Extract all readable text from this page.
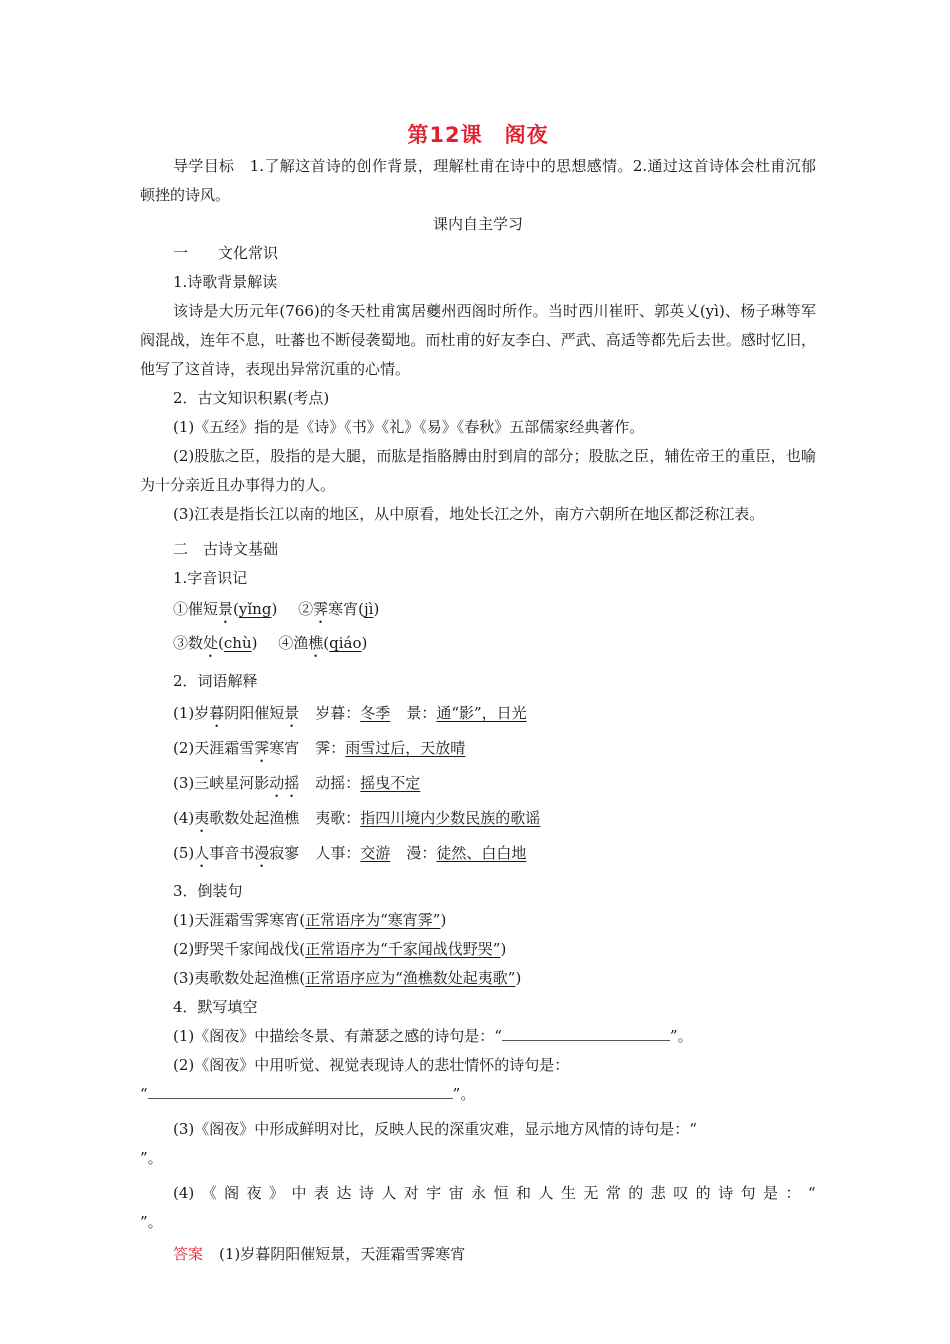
第12课　阁夜
导学目标　1.了解这首诗的创作背景，理解杜甫在诗中的思想感情。2.通过这首诗体会杜甫沉郁顿挫的诗风。
课内自主学习
一　　文化常识
1.诗歌背景解读
该诗是大历元年(766)的冬天杜甫寓居夔州西阁时所作。当时西川崔旰、郭英乂(yì)、杨子琳等军阀混战，连年不息，吐蕃也不断侵袭蜀地。而杜甫的好友李白、严武、高适等都先后去世。感时忆旧，他写了这首诗，表现出异常沉重的心情。
2．古文知识积累(考点)
(1)《五经》指的是《诗》《书》《礼》《易》《春秋》五部儒家经典著作。
(2)股肱之臣，股指的是大腿，而肱是指胳膊由肘到肩的部分；股肱之臣，辅佐帝王的重臣，也喻为十分亲近且办事得力的人。
(3)江表是指长江以南的地区，从中原看，地处长江之外，南方六朝所在地区都泛称江表。
二　古诗文基础
1.字音识记
①催短景(yǐng) ②霁寒宵(jì)
③数处(chù) ④渔樵(qiáo)
2．词语解释
(1)岁暮阴阳催短景 岁暮：冬季 景：通“影”，日光
(2)天涯霜雪霁寒宵 霁：雨雪过后，天放晴
(3)三峡星河影动摇 动摇：摇曳不定
(4)夷歌数处起渔樵 夷歌：指四川境内少数民族的歌谣
(5)人事音书漫寂寥 人事：交游 漫：徒然、白白地
3．倒装句
(1)天涯霜雪霁寒宵(正常语序为“寒宵霁”)
(2)野哭千家闻战伐(正常语序为“千家闻战伐野哭”)
(3)夷歌数处起渔樵(正常语序应为“渔樵数处起夷歌”)
4．默写填空
(1)《阁夜》中描绘冬景、有萧瑟之感的诗句是：“	”。
(2)《阁夜》中用听觉、视觉表现诗人的悲壮情怀的诗句是：
“	”。
(3)《阁夜》中形成鲜明对比，反映人民的深重灾难，显示地方风情的诗句是：“
”。
(4) 《 阁 夜 》 中 表 达 诗 人 对 宇 宙 永 恒 和 人 生 无 常 的 悲 叹 的 诗 句 是 ： “
”。
答案 (1)岁暮阴阳催短景，天涯霜雪霁寒宵
